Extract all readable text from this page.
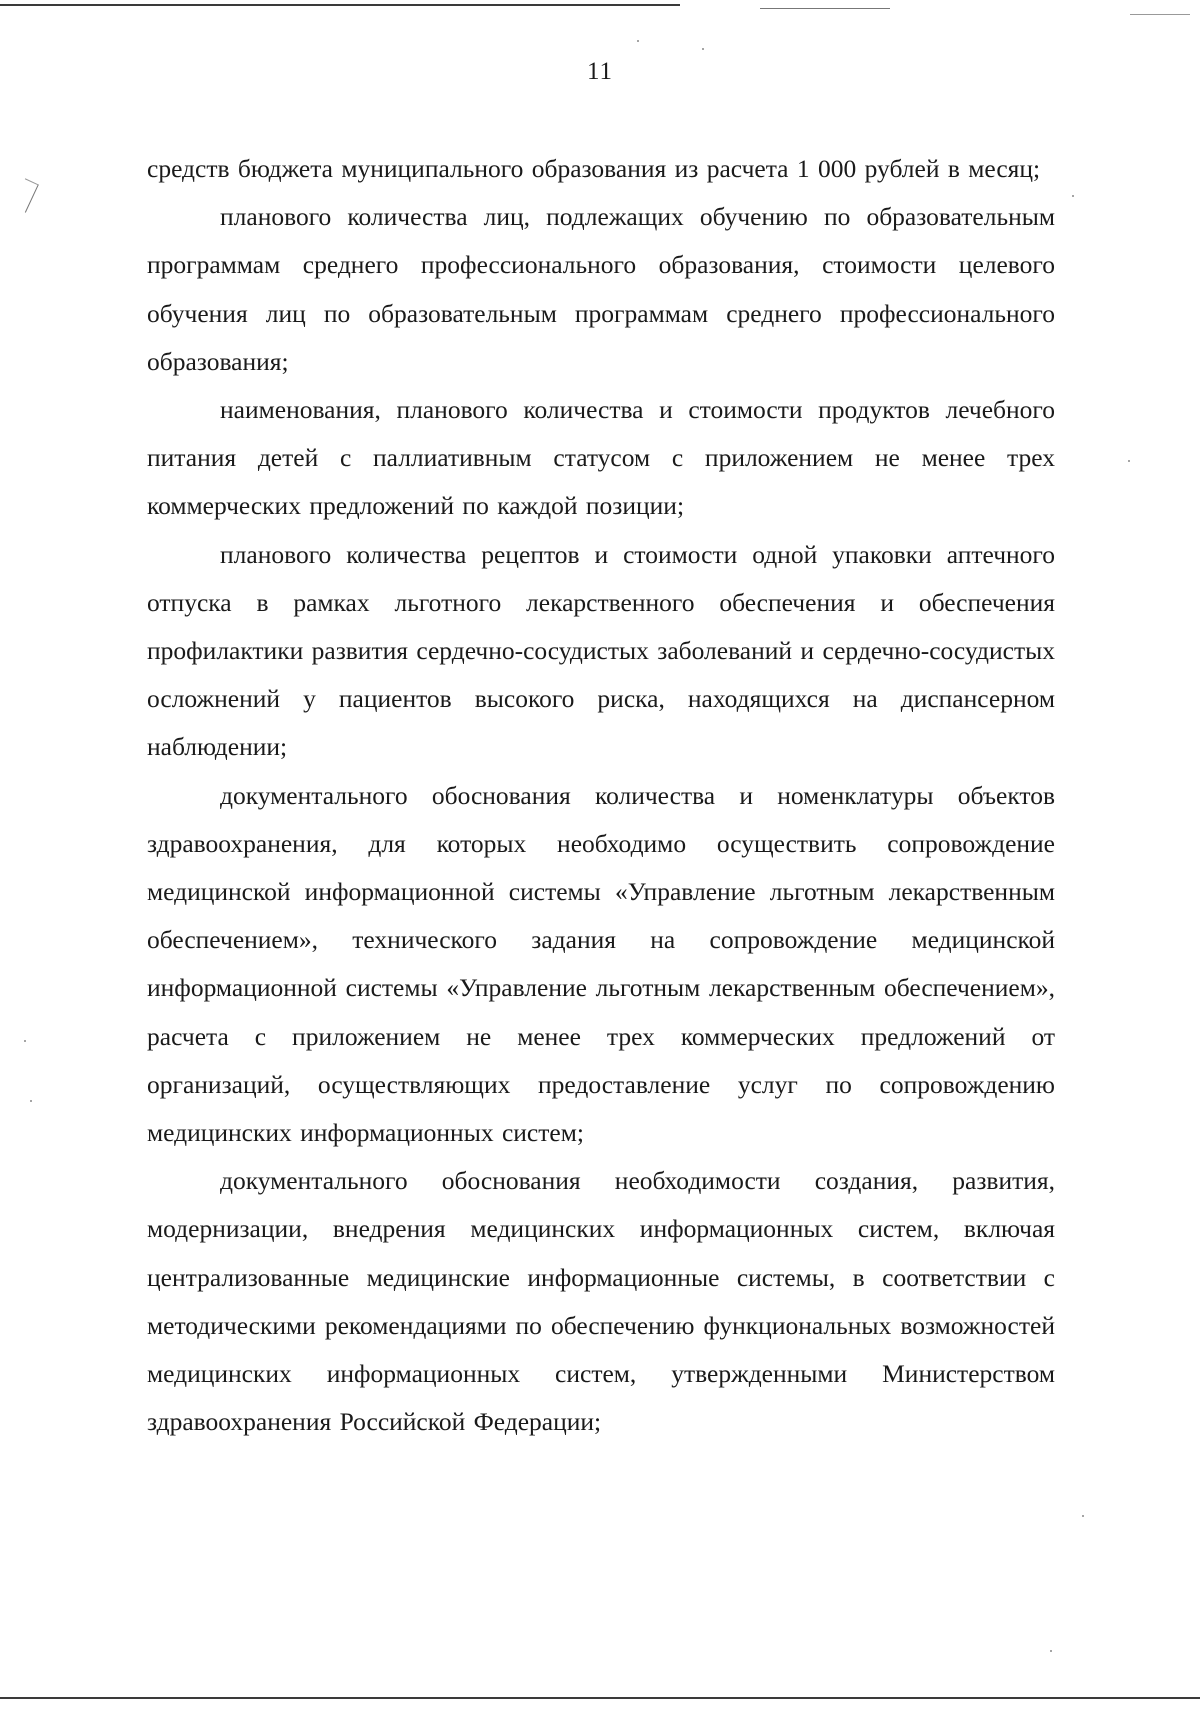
11

средств бюджета муниципального образования из расчета 1 000 рублей в месяц;

планового количества лиц, подлежащих обучению по образовательным программам среднего профессионального образования, стоимости целевого обучения лиц по образовательным программам среднего профессионального образования;

наименования, планового количества и стоимости продуктов лечебного питания детей с паллиативным статусом с приложением не менее трех коммерческих предложений по каждой позиции;

планового количества рецептов и стоимости одной упаковки аптечного отпуска в рамках льготного лекарственного обеспечения и обеспечения профилактики развития сердечно-сосудистых заболеваний и сердечно-сосудистых осложнений у пациентов высокого риска, находящихся на диспансерном наблюдении;

документального обоснования количества и номенклатуры объектов здравоохранения, для которых необходимо осуществить сопровождение медицинской информационной системы «Управление льготным лекарственным обеспечением», технического задания на сопровождение медицинской информационной системы «Управление льготным лекарственным обеспечением», расчета с приложением не менее трех коммерческих предложений от организаций, осуществляющих предоставление услуг по сопровождению медицинских информационных систем;

документального обоснования необходимости создания, развития, модернизации, внедрения медицинских информационных систем, включая централизованные медицинские информационные системы, в соответствии с методическими рекомендациями по обеспечению функциональных возможностей медицинских информационных систем, утвержденными Министерством здравоохранения Российской Федерации;
